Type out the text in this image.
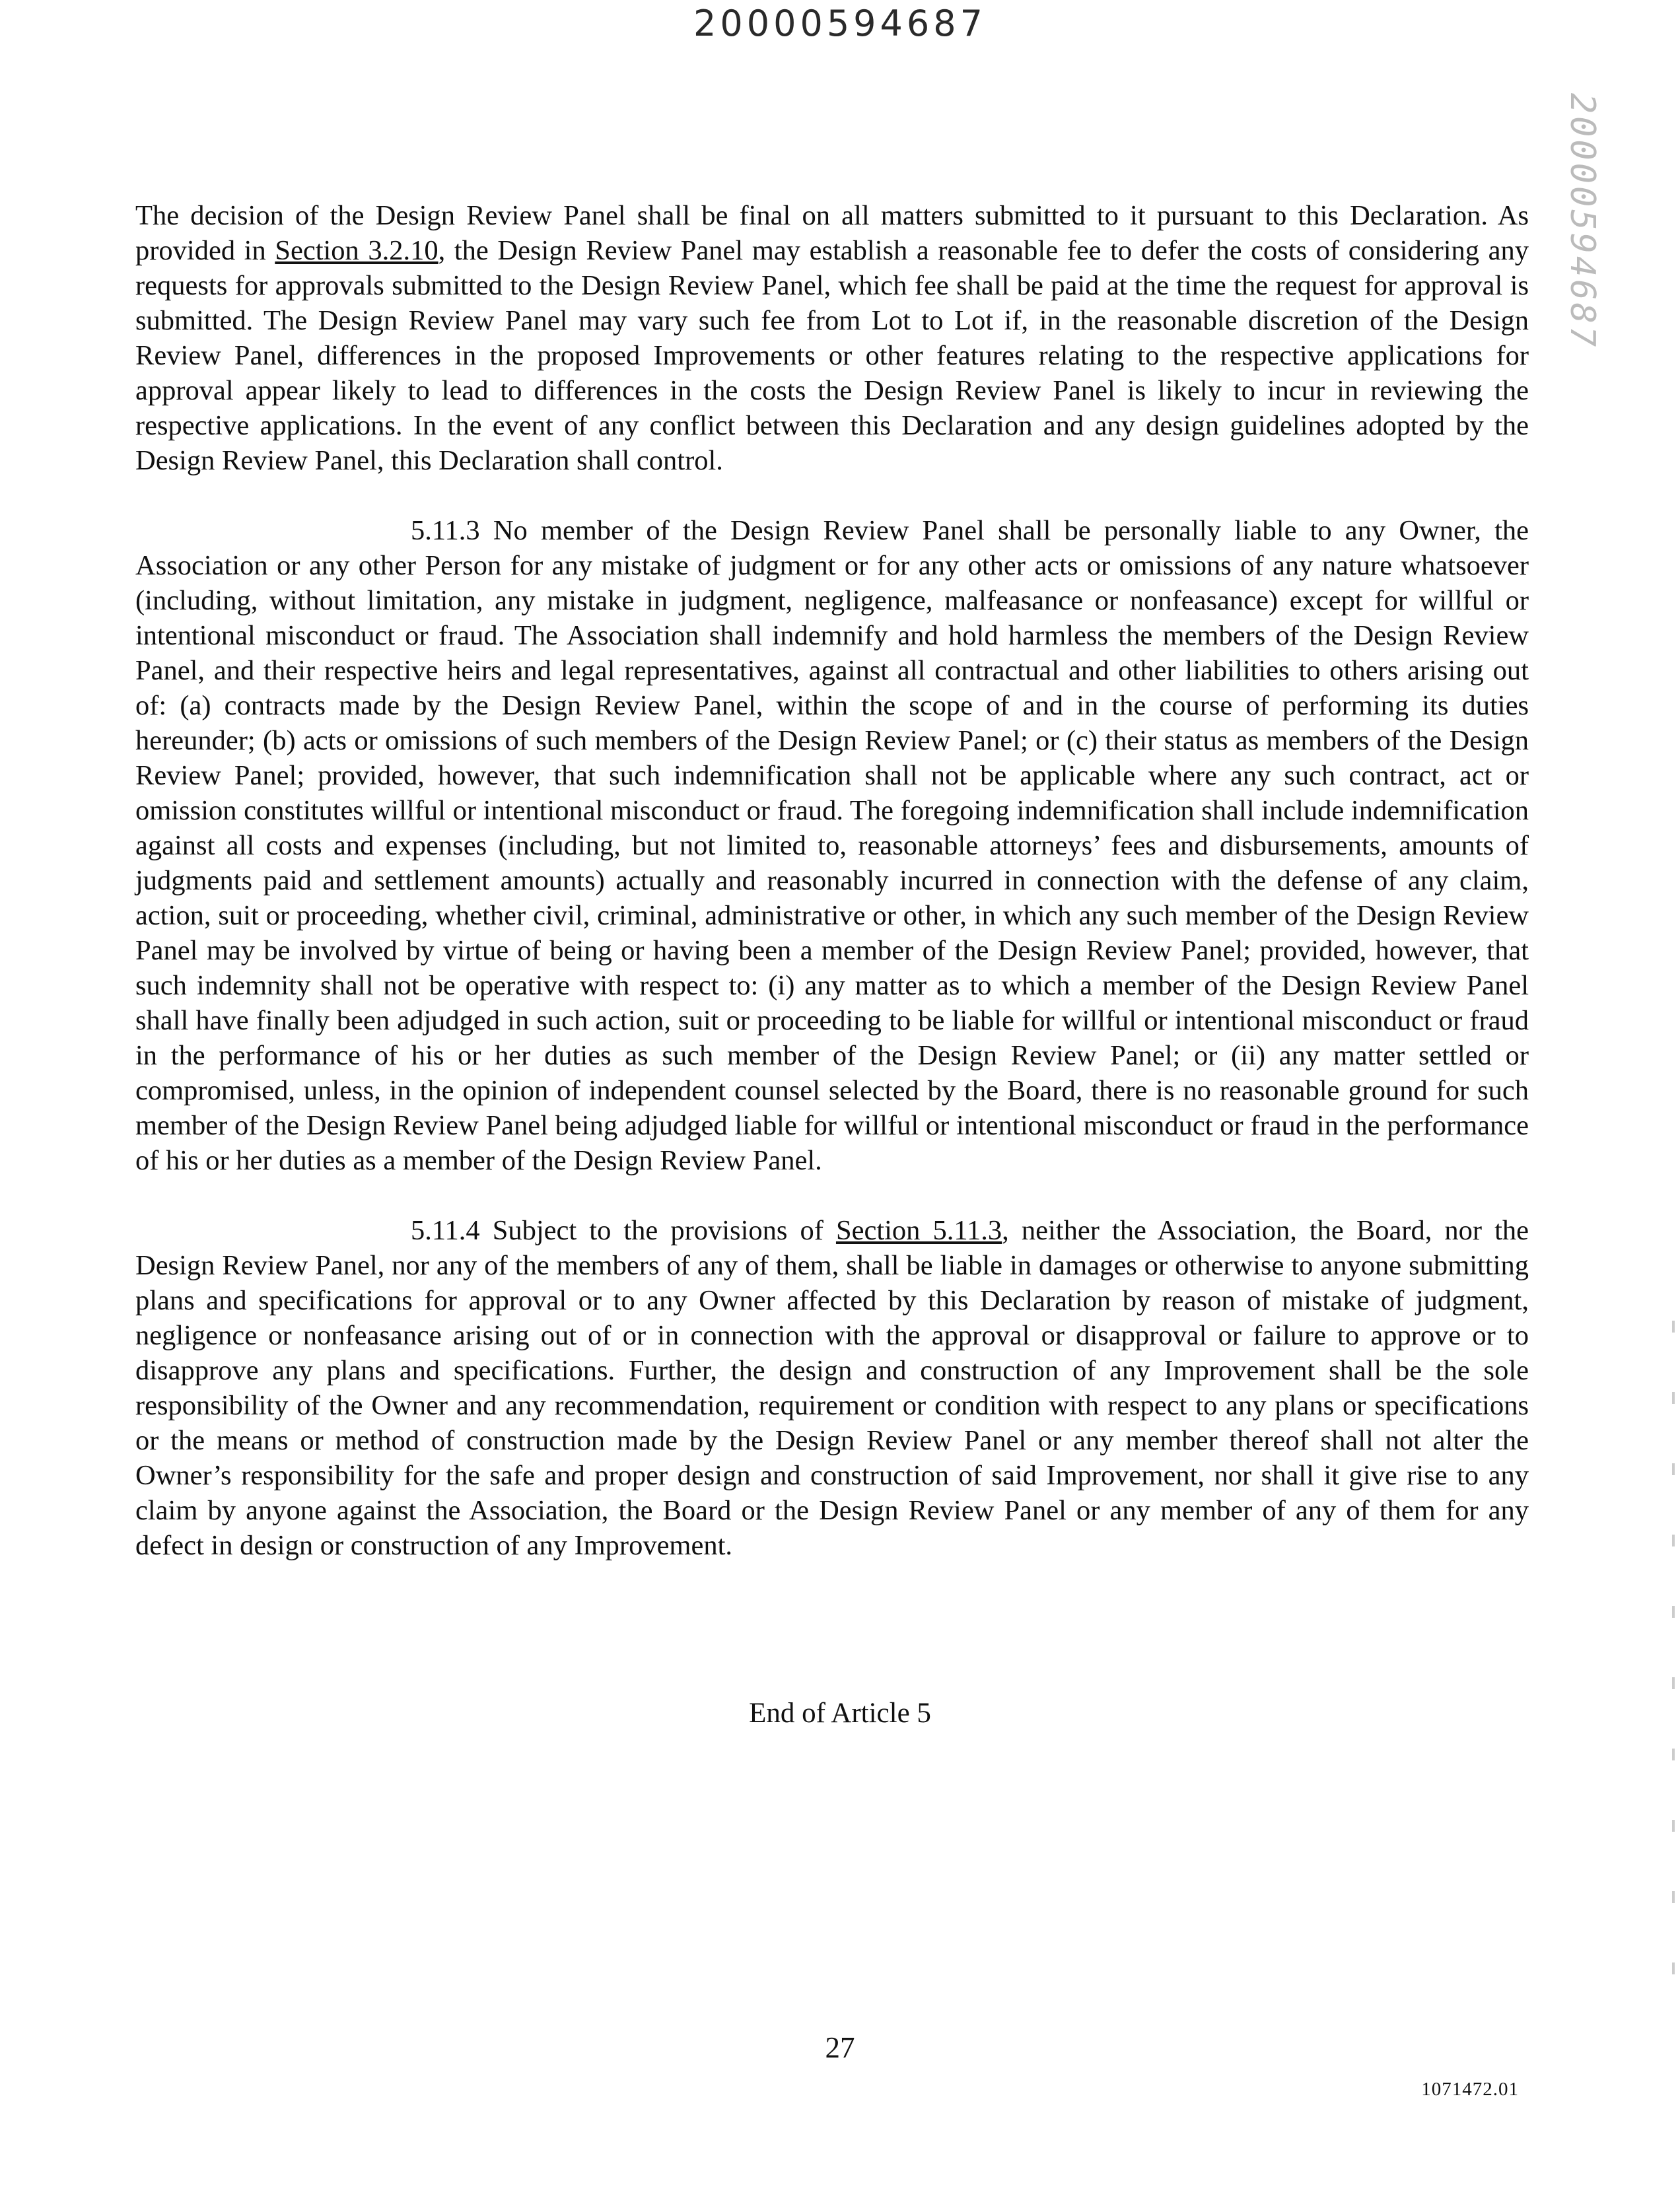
20000594687
20000594687

The decision of the Design Review Panel shall be final on all matters submitted to it pursuant to this Declaration. As provided in Section 3.2.10, the Design Review Panel may establish a reasonable fee to defer the costs of considering any requests for approvals submitted to the Design Review Panel, which fee shall be paid at the time the request for approval is submitted. The Design Review Panel may vary such fee from Lot to Lot if, in the reasonable discretion of the Design Review Panel, differences in the proposed Improvements or other features relating to the respective applications for approval appear likely to lead to differences in the costs the Design Review Panel is likely to incur in reviewing the respective applications. In the event of any conflict between this Declaration and any design guidelines adopted by the Design Review Panel, this Declaration shall control.

5.11.3 No member of the Design Review Panel shall be personally liable to any Owner, the Association or any other Person for any mistake of judgment or for any other acts or omissions of any nature whatsoever (including, without limitation, any mistake in judgment, negligence, malfeasance or nonfeasance) except for willful or intentional misconduct or fraud. The Association shall indemnify and hold harmless the members of the Design Review Panel, and their respective heirs and legal representatives, against all contractual and other liabilities to others arising out of: (a) contracts made by the Design Review Panel, within the scope of and in the course of performing its duties hereunder; (b) acts or omissions of such members of the Design Review Panel; or (c) their status as members of the Design Review Panel; provided, however, that such indemnification shall not be applicable where any such contract, act or omission constitutes willful or intentional misconduct or fraud. The foregoing indemnification shall include indemnification against all costs and expenses (including, but not limited to, reasonable attorneys’ fees and disbursements, amounts of judgments paid and settlement amounts) actually and reasonably incurred in connection with the defense of any claim, action, suit or proceeding, whether civil, criminal, administrative or other, in which any such member of the Design Review Panel may be involved by virtue of being or having been a member of the Design Review Panel; provided, however, that such indemnity shall not be operative with respect to: (i) any matter as to which a member of the Design Review Panel shall have finally been adjudged in such action, suit or proceeding to be liable for willful or intentional misconduct or fraud in the performance of his or her duties as such member of the Design Review Panel; or (ii) any matter settled or compromised, unless, in the opinion of independent counsel selected by the Board, there is no reasonable ground for such member of the Design Review Panel being adjudged liable for willful or intentional misconduct or fraud in the performance of his or her duties as a member of the Design Review Panel.

5.11.4 Subject to the provisions of Section 5.11.3, neither the Association, the Board, nor the Design Review Panel, nor any of the members of any of them, shall be liable in damages or otherwise to anyone submitting plans and specifications for approval or to any Owner affected by this Declaration by reason of mistake of judgment, negligence or nonfeasance arising out of or in connection with the approval or disapproval or failure to approve or to disapprove any plans and specifications. Further, the design and construction of any Improvement shall be the sole responsibility of the Owner and any recommendation, requirement or condition with respect to any plans or specifications or the means or method of construction made by the Design Review Panel or any member thereof shall not alter the Owner’s responsibility for the safe and proper design and construction of said Improvement, nor shall it give rise to any claim by anyone against the Association, the Board or the Design Review Panel or any member of any of them for any defect in design or construction of any Improvement.

End of Article 5
27
1071472.01
